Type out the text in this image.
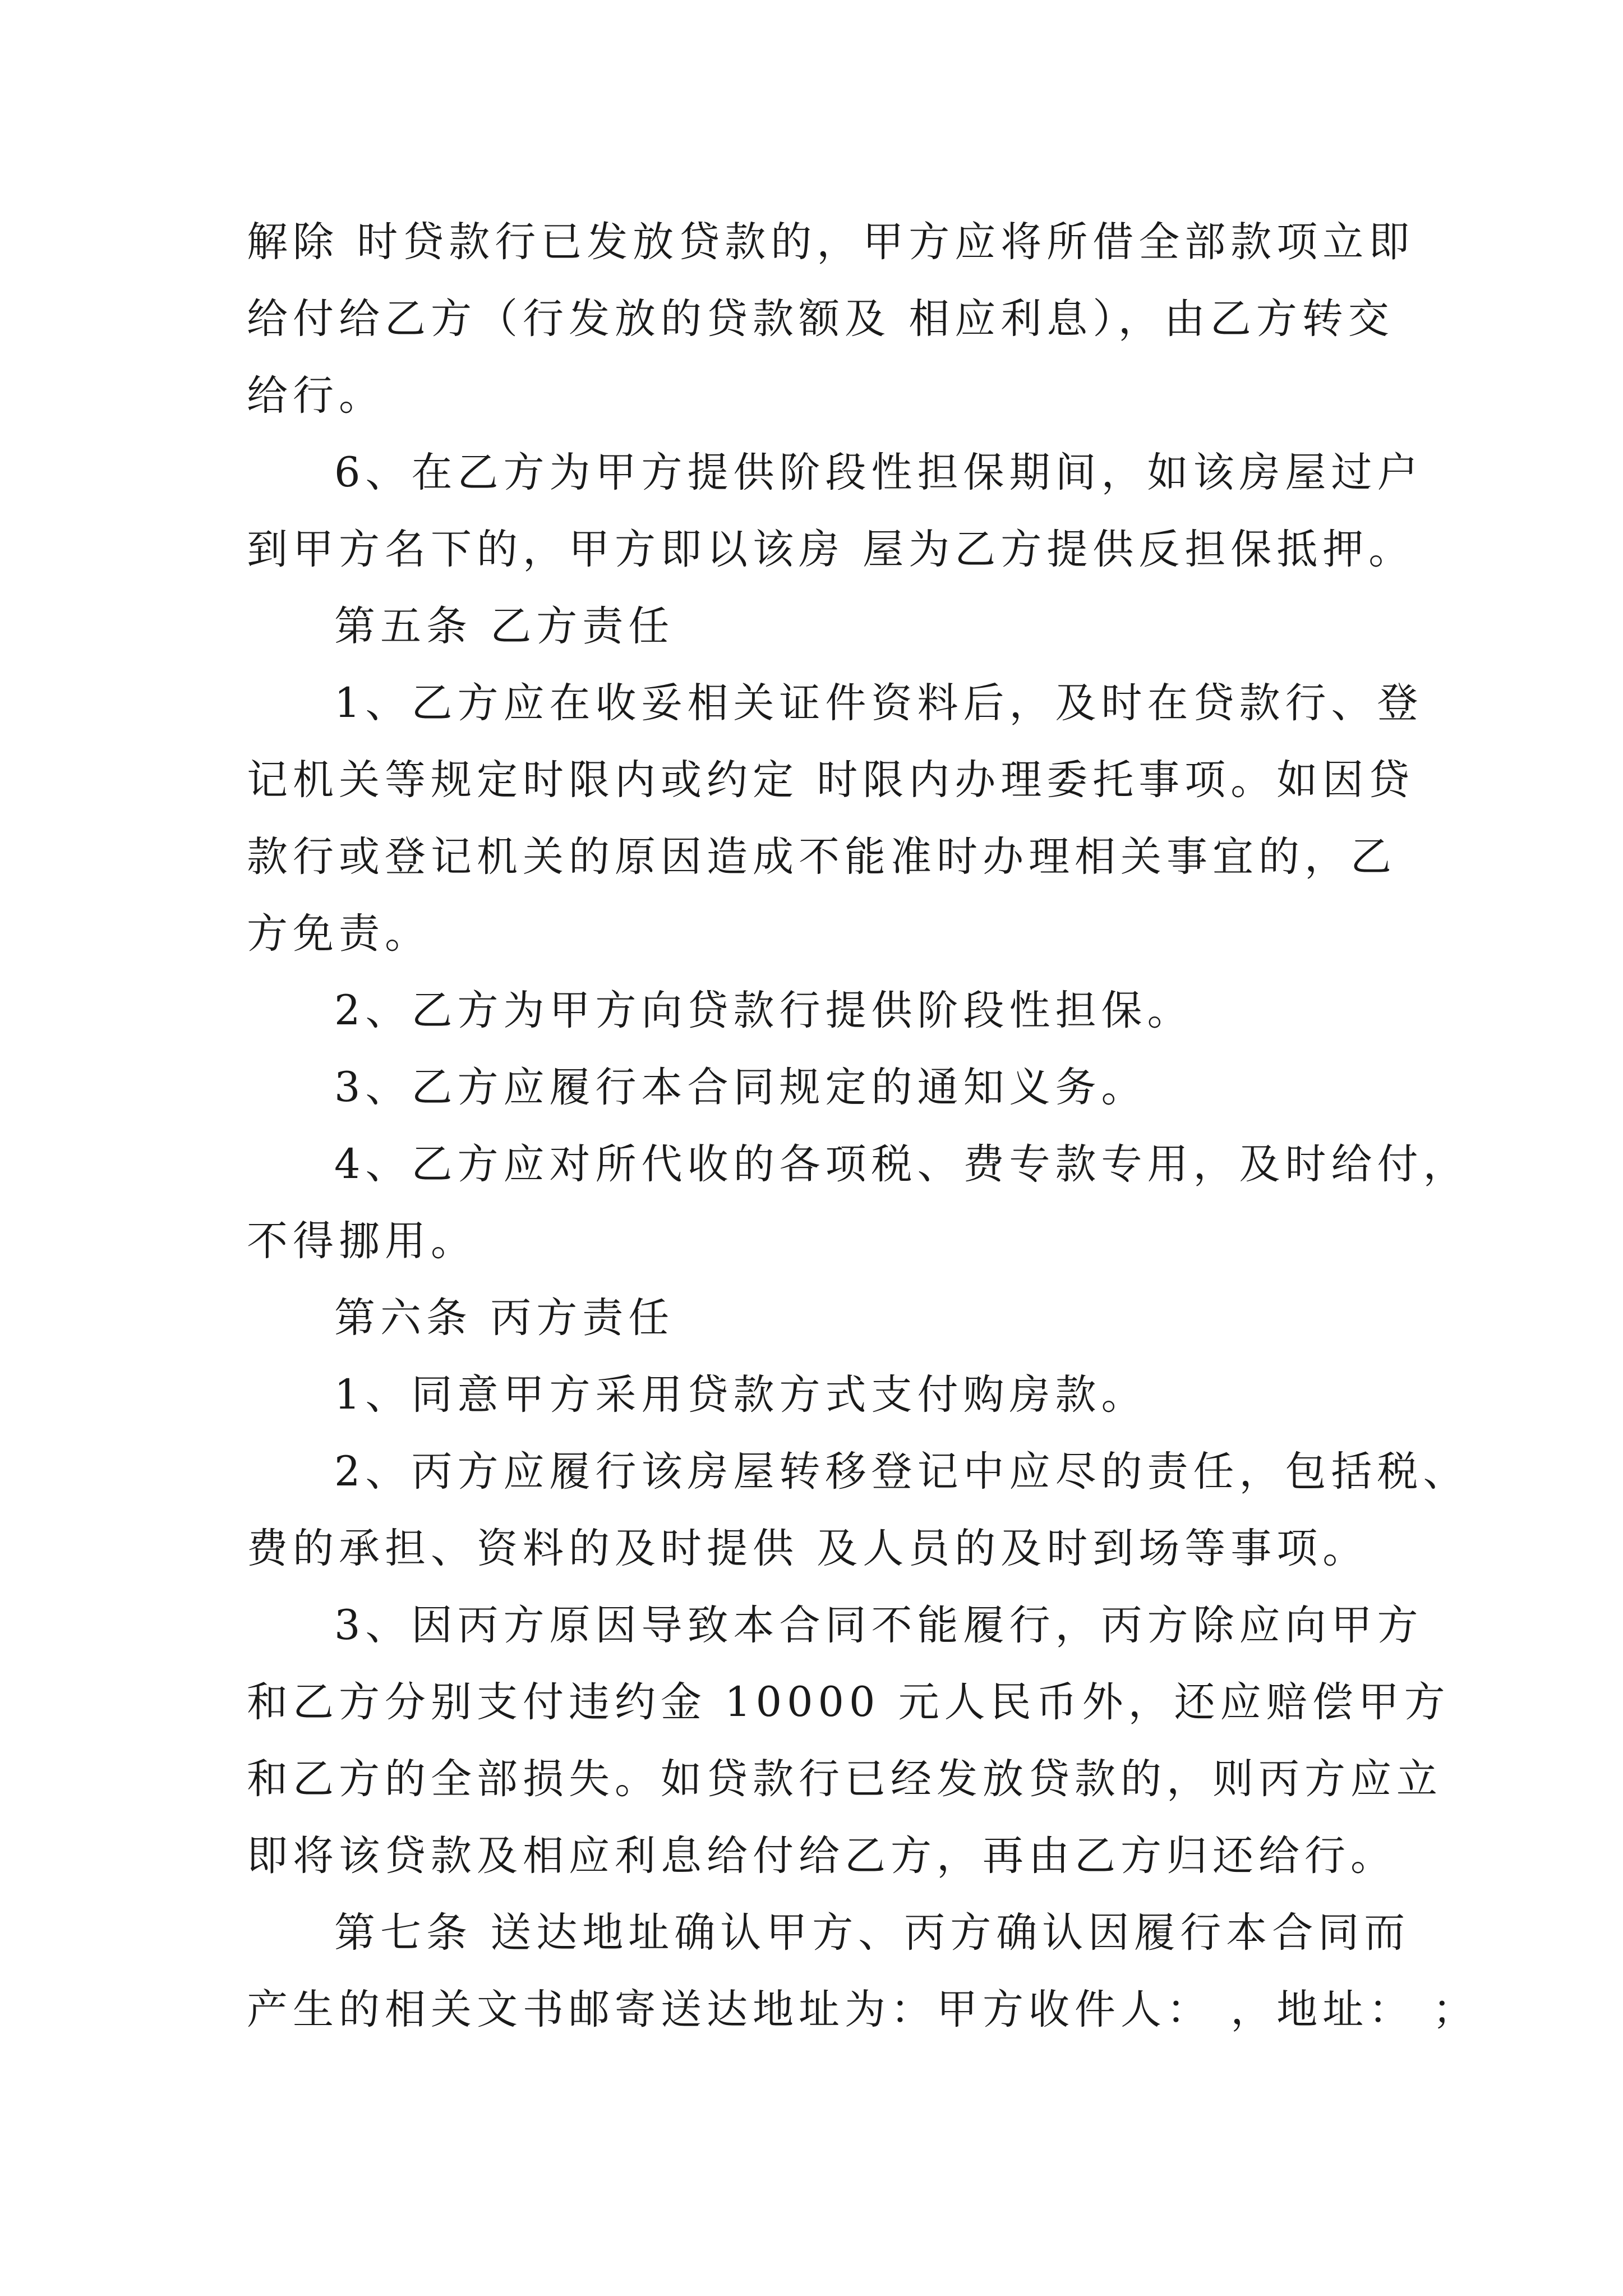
解除 时贷款行已发放贷款的，甲方应将所借全部款项立即
给付给乙方（行发放的贷款额及 相应利息），由乙方转交
给行。
6、在乙方为甲方提供阶段性担保期间，如该房屋过户
到甲方名下的，甲方即以该房 屋为乙方提供反担保抵押。
第五条 乙方责任
1、乙方应在收妥相关证件资料后，及时在贷款行、登
记机关等规定时限内或约定 时限内办理委托事项。如因贷
款行或登记机关的原因造成不能准时办理相关事宜的，乙
方免责。
2、乙方为甲方向贷款行提供阶段性担保。
3、乙方应履行本合同规定的通知义务。
4、乙方应对所代收的各项税、费专款专用，及时给付，
不得挪用。
第六条 丙方责任
1、同意甲方采用贷款方式支付购房款。
2、丙方应履行该房屋转移登记中应尽的责任，包括税、
费的承担、资料的及时提供 及人员的及时到场等事项。
3、因丙方原因导致本合同不能履行，丙方除应向甲方
和乙方分别支付违约金 10000 元人民币外，还应赔偿甲方
和乙方的全部损失。如贷款行已经发放贷款的，则丙方应立
即将该贷款及相应利息给付给乙方，再由乙方归还给行。
第七条 送达地址确认甲方、丙方确认因履行本合同而
产生的相关文书邮寄送达地址为：甲方收件人： ，地址： ；
